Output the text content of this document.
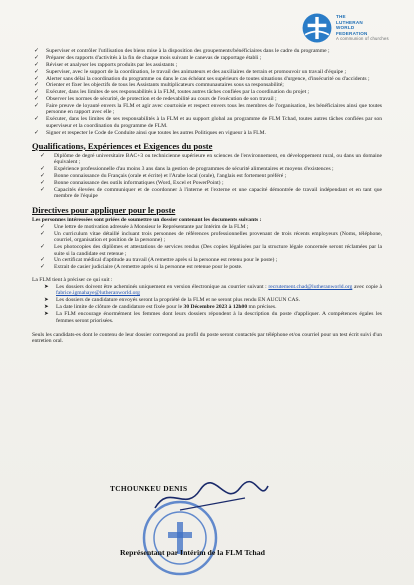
THE
LUTHERAN
WORLD
FEDERATION
A communion of churches
✓ Superviser et contrôler l'utilisation des biens mise à la disposition des groupements/bénéficiaires dans le cadre du programme ;
✓ Préparer des rapports d'activités à la fin de chaque mois suivant le canevas de rapportage établi ;
✓ Réviser et analyser les rapports produits par les assistants ;
✓ Superviser, avec le support de la coordination, le travail des animateurs et des auxiliaires de terrain et promouvoir un travail d'équipe ;
✓ Alerter sans délai la coordination du programme ou dans le cas échéant ses supérieurs de toutes situations d'urgence, d'insécurité ou d'accidents ;
✓ Orienter et fixer les objectifs de tous les Assistants multiplicateurs communautaires sous sa responsabilité;
✓ Exécuter, dans les limites de ses responsabilités à la FLM, toutes autres tâches confiées par la coordination du projet ;
✓ Observer les normes de sécurité, de protection et de redevabilité au cours de l'exécution de son travail ;
✓ Faire preuve de loyauté envers la FLM et agir avec courtoisie et respect envers tous les membres de l'organisation, les bénéficiaires ainsi que toutes personne en rapport avec elle ;
✓ Exécuter, dans les limites de ses responsabilités à la FLM et au support global au programme de FLM Tchad, toutes autres tâches confiées par son superviseur et la coordination du programme de FLM.
✓ Signer et respecter le Code de Conduite ainsi que toutes les autres Politiques en vigueur à la FLM.
Qualifications, Expériences et Exigences du poste
✓ Diplôme de degré universitaire BAC+3 ou technicienne supérieure en sciences de l'environnement, en développement rural, ou dans un domaine équivalent ;
✓ Expérience professionnelle d'au moins 3 ans dans la gestion de programmes de sécurité alimentaires et moyens d'existences ;
✓ Bonne connaissance du Français (orale et écrite) et l'Arabe local (orale), l'anglais est fortement préféré ;
✓ Bonne connaissance des outils informatiques (Word, Excel et PowerPoint) ;
✓ Capacités élevées de communiquer et de coordonner à l'interne et l'externe et une capacité démontrée de travail indépendant et en tant que membre de l'équipe
Directives pour appliquer pour le poste
Les personnes intéressées sont priées de soumettre un dossier contenant les documents suivants :
✓ Une lettre de motivation adressée à Monsieur le Représentante par Intérim de la FLM ;
✓ Un curriculum vitae détaillé incluant trois personnes de références professionnelles provenant de trois récents employeurs (Noms, téléphone, courriel, organisation et position de la personne) ;
✓ Les photocopies des diplômes et attestations de services rendus (Des copies légalisées par la structure légale concernée seront réclamées par la suite si la candidate est retenue ;
✓ Un certificat médical d'aptitude au travail (A remettre après si la personne est retenu pour le poste) ;
✓ Extrait de casier judiciaire (A remettre après si la personne est retenue pour le poste.
La FLM tient à préciser ce qui suit :
➤ Les dossiers doivent être acheminés uniquement en version électronique au courrier suivant : recrutement.chad@lutheranworld.org avec copie à fabrice.igmahaye@lutheranworld.org
➤ Les dossiers de candidature envoyés seront la propriété de la FLM et ne seront plus rendu EN AUCUN CAS.
➤ La date limite de clôture de candidature est fixée pour le 30 Décembre 2023 à 12h00 mn précises.
➤ La FLM encourage énormément les femmes dont leurs dossiers répondent à la description du poste d'appliquer. A compétences égales les femmes seront priorisées.
Seuls les candidats-es dont le contenu de leur dossier correspond au profil du poste seront contactés par téléphone et/ou courriel pour un test écrit suivi d'un entretien oral.
TCHOUNKEU DENIS
Représentant par Intérim de la FLM Tchad
